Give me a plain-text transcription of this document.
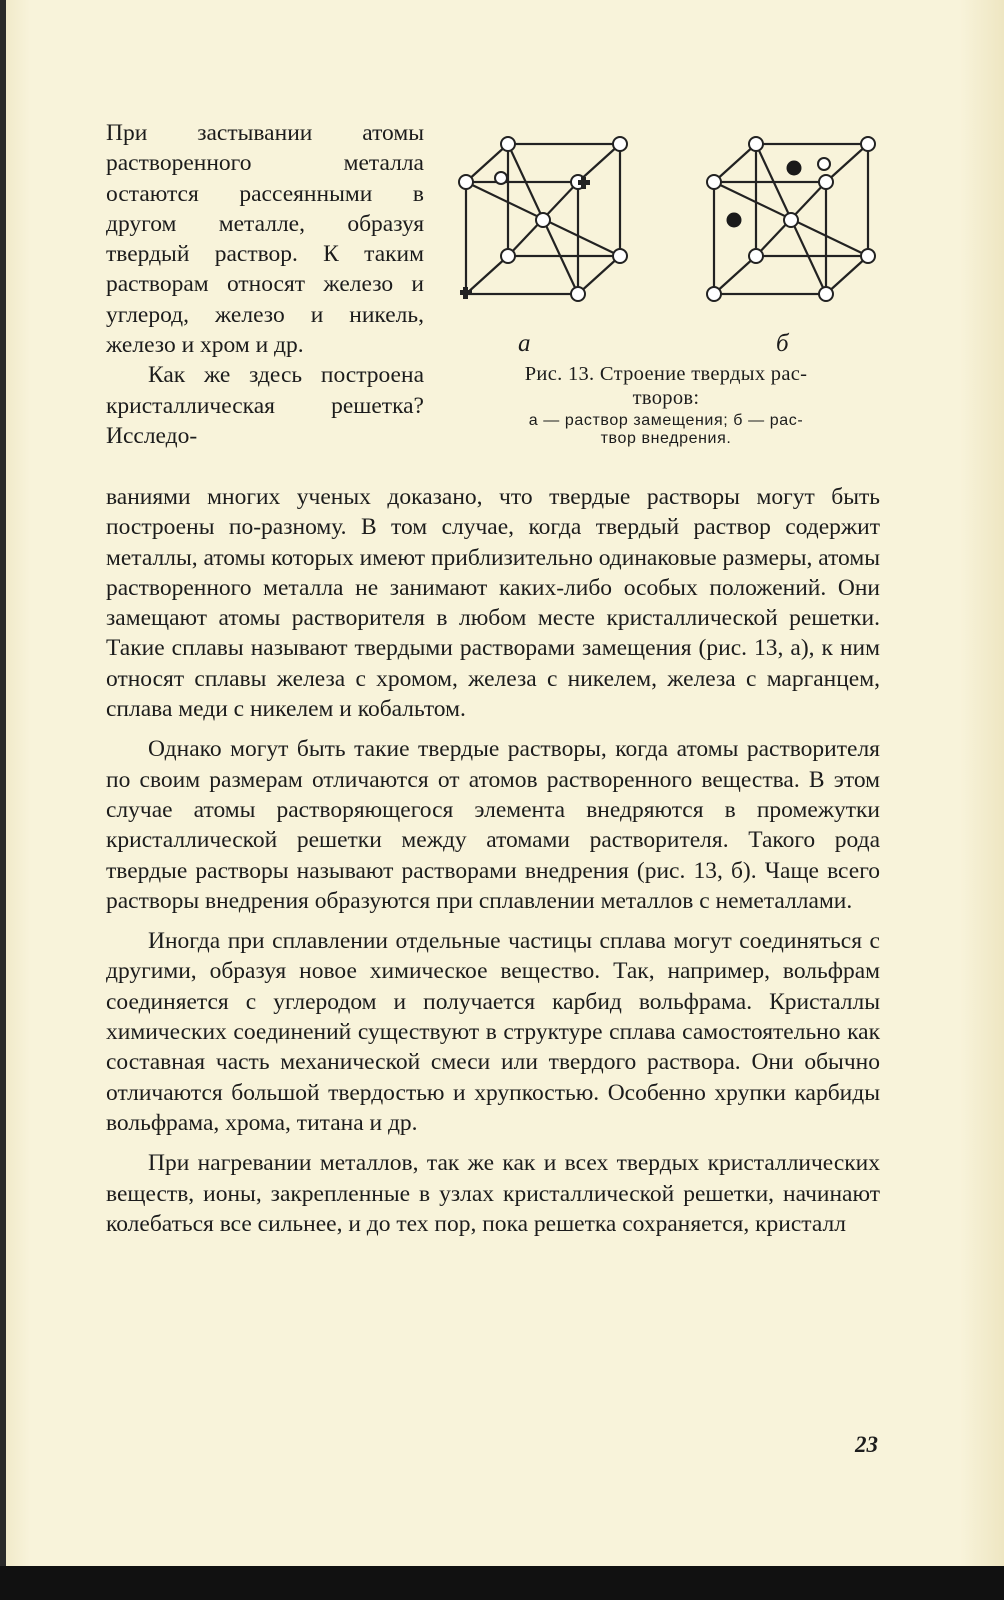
При застывании атомы растворенного металла остаются рассеянными в другом металле, образуя твердый раствор. К таким растворам относят железо и углерод, железо и никель, железо и хром и др.

Как же здесь построена кристаллическая решетка? Исследо-

а	б
Рис. 13. Строение твердых рас-
творов:
а — раствор замещения; б — рас-
твор внедрения.

ваниями многих ученых доказано, что твердые растворы могут быть построены по-разному. В том случае, когда твердый раствор содержит металлы, атомы которых имеют приблизительно одинаковые размеры, атомы растворенного металла не занимают каких-либо особых положений. Они замещают атомы растворителя в любом месте кристаллической решетки. Такие сплавы называют твердыми растворами замещения (рис. 13, а), к ним относят сплавы железа с хромом, железа с никелем, железа с марганцем, сплава меди с никелем и кобальтом.

Однако могут быть такие твердые растворы, когда атомы растворителя по своим размерам отличаются от атомов растворенного вещества. В этом случае атомы растворяющегося элемента внедряются в промежутки кристаллической решетки между атомами растворителя. Такого рода твердые растворы называют растворами внедрения (рис. 13, б). Чаще всего растворы внедрения образуются при сплавлении металлов с неметаллами.

Иногда при сплавлении отдельные частицы сплава могут соединяться с другими, образуя новое химическое вещество. Так, например, вольфрам соединяется с углеродом и получается карбид вольфрама. Кристаллы химических соединений существуют в структуре сплава самостоятельно как составная часть механической смеси или твердого раствора. Они обычно отличаются большой твердостью и хрупкостью. Особенно хрупки карбиды вольфрама, хрома, титана и др.

При нагревании металлов, так же как и всех твердых кристаллических веществ, ионы, закрепленные в узлах кристаллической решетки, начинают колебаться все сильнее, и до тех пор, пока решетка сохраняется, кристалл

23
